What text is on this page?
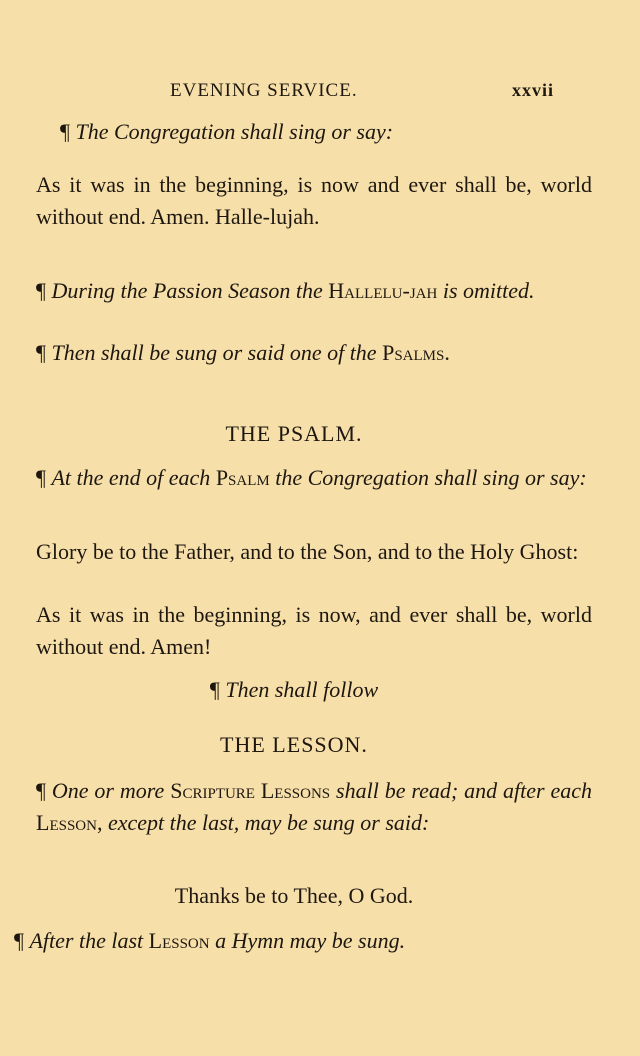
EVENING SERVICE.	xxvii

¶ The Congregation shall sing or say:

As it was in the beginning, is now and ever shall be, world without end. Amen. Halle-lujah.

¶ During the Passion Season the Hallelu-jah is omitted.

¶ Then shall be sung or said one of the Psalms.

THE PSALM.

¶ At the end of each Psalm the Congregation shall sing or say:

Glory be to the Father, and to the Son, and to the Holy Ghost:

As it was in the beginning, is now, and ever shall be, world without end. Amen!

¶ Then shall follow

THE LESSON.

¶ One or more Scripture Lessons shall be read; and after each Lesson, except the last, may be sung or said:

Thanks be to Thee, O God.

¶ After the last Lesson a Hymn may be sung.
